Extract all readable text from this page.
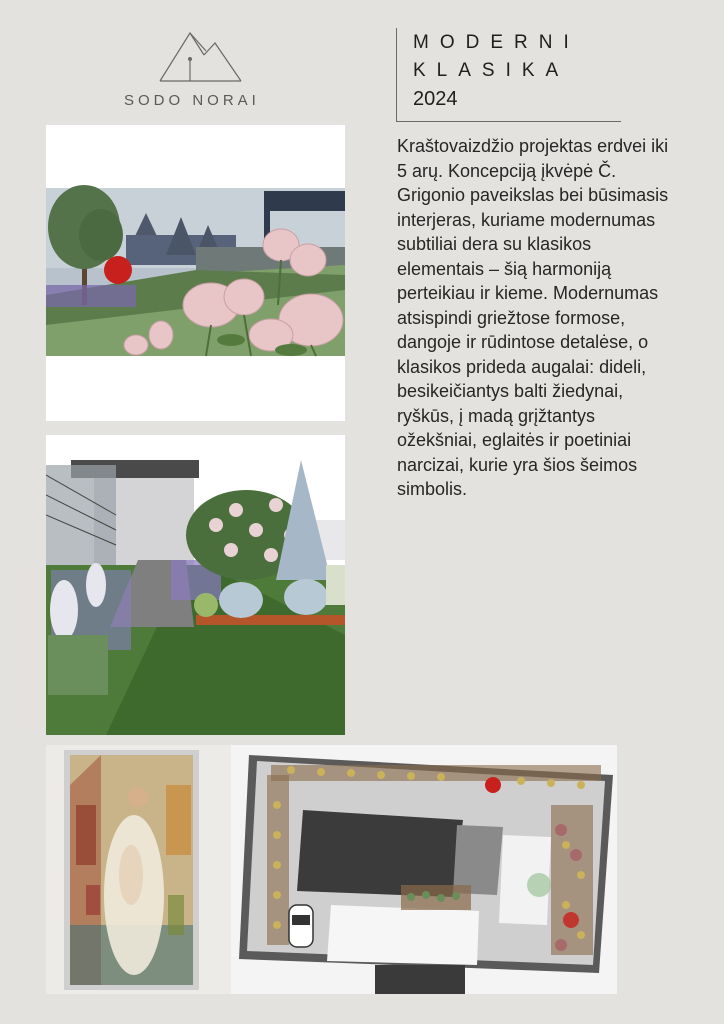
SODO NORAI
MODERNI
KLASIKA
2024
Kraštovaizdžio projektas erdvei iki 5 arų. Koncepciją įkvėpė Č. Grigonio paveikslas bei būsimasis interjeras, kuriame modernumas subtiliai dera su klasikos elementais – šią harmoniją perteikiau ir kieme. Modernumas atsispindi griežtose formose, dangoje ir rūdintose detalėse, o klasikos prideda augalai: dideli, besikeičiantys balti žiedynai, ryškūs, į madą grįžtantys ožekšniai, eglaitės ir poetiniai narcizai, kurie yra šios šeimos simbolis.
